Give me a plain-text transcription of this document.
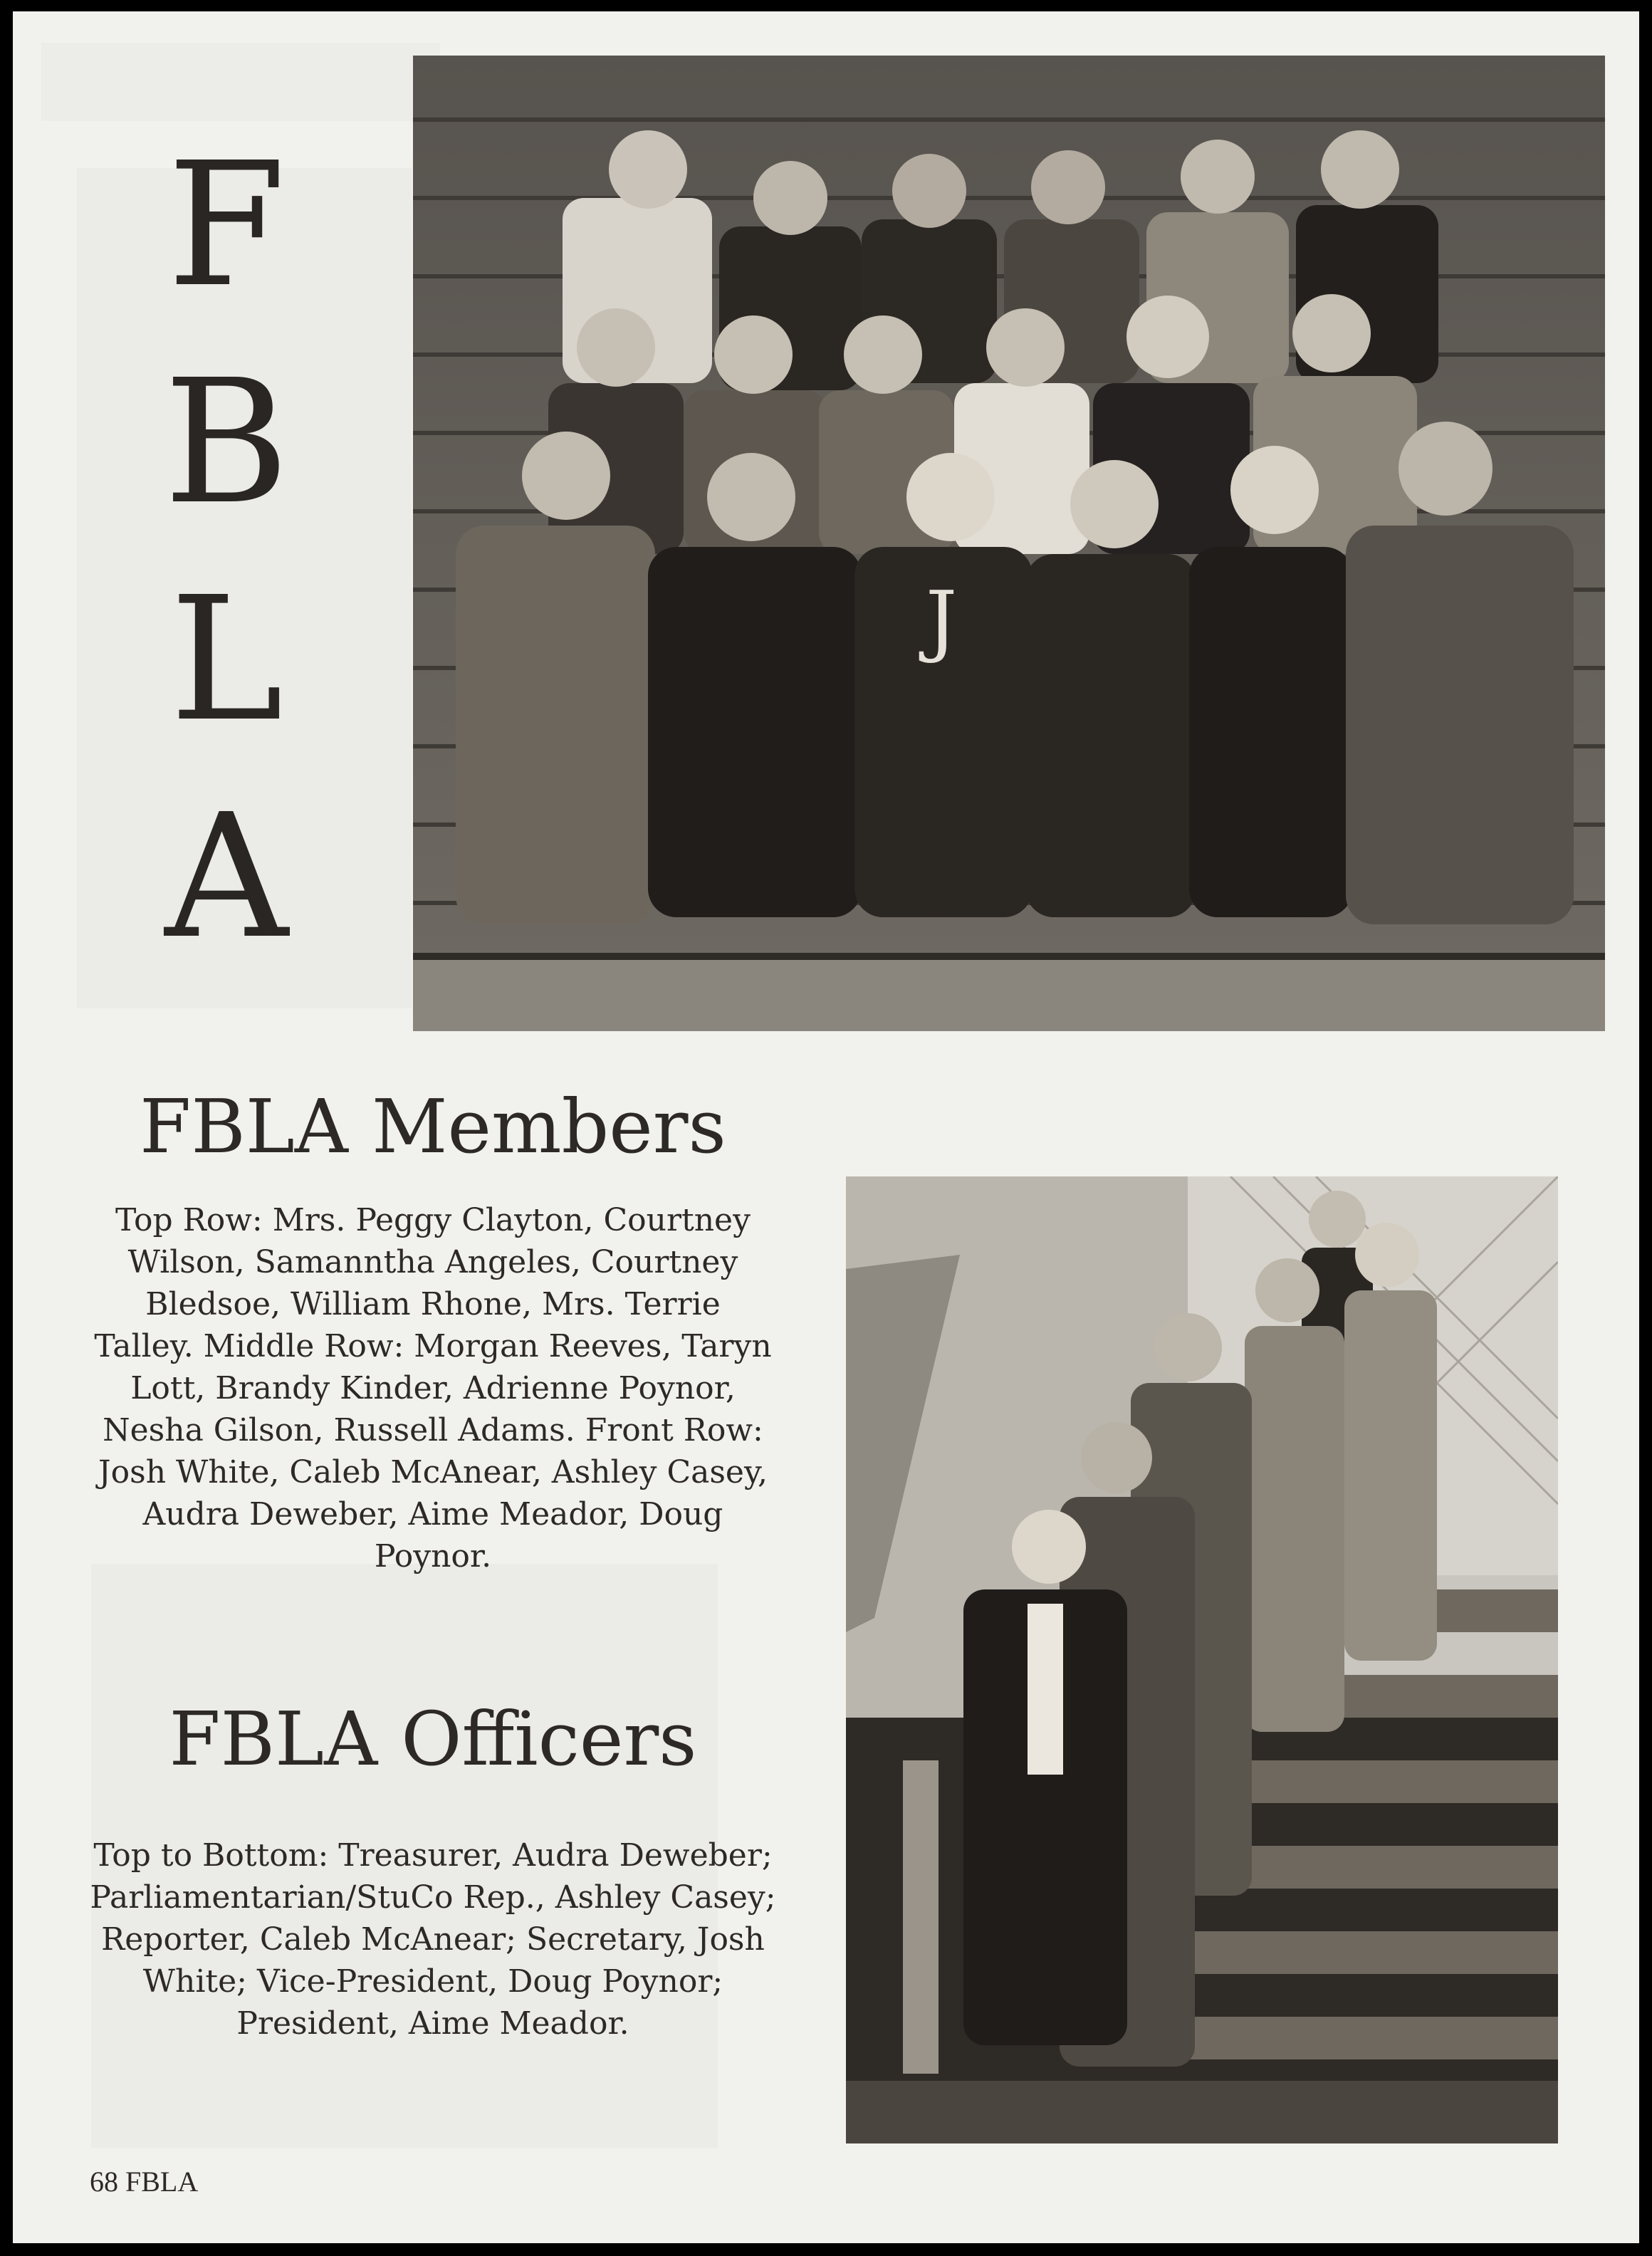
F
B
L
A
J
FBLA Members
Top Row: Mrs. Peggy Clayton, Courtney Wilson, Samanntha Angeles, Courtney Bledsoe, William Rhone, Mrs. Terrie Talley. Middle Row: Morgan Reeves, Taryn Lott, Brandy Kinder, Adrienne Poynor, Nesha Gilson, Russell Adams. Front Row: Josh White, Caleb McAnear, Ashley Casey, Audra Deweber, Aime Meador, Doug Poynor.
FBLA Officers
Top to Bottom: Treasurer, Audra Deweber; Parliamentarian/StuCo Rep., Ashley Casey; Reporter, Caleb McAnear; Secretary, Josh White; Vice-President, Doug Poynor; President, Aime Meador.
68 FBLA
